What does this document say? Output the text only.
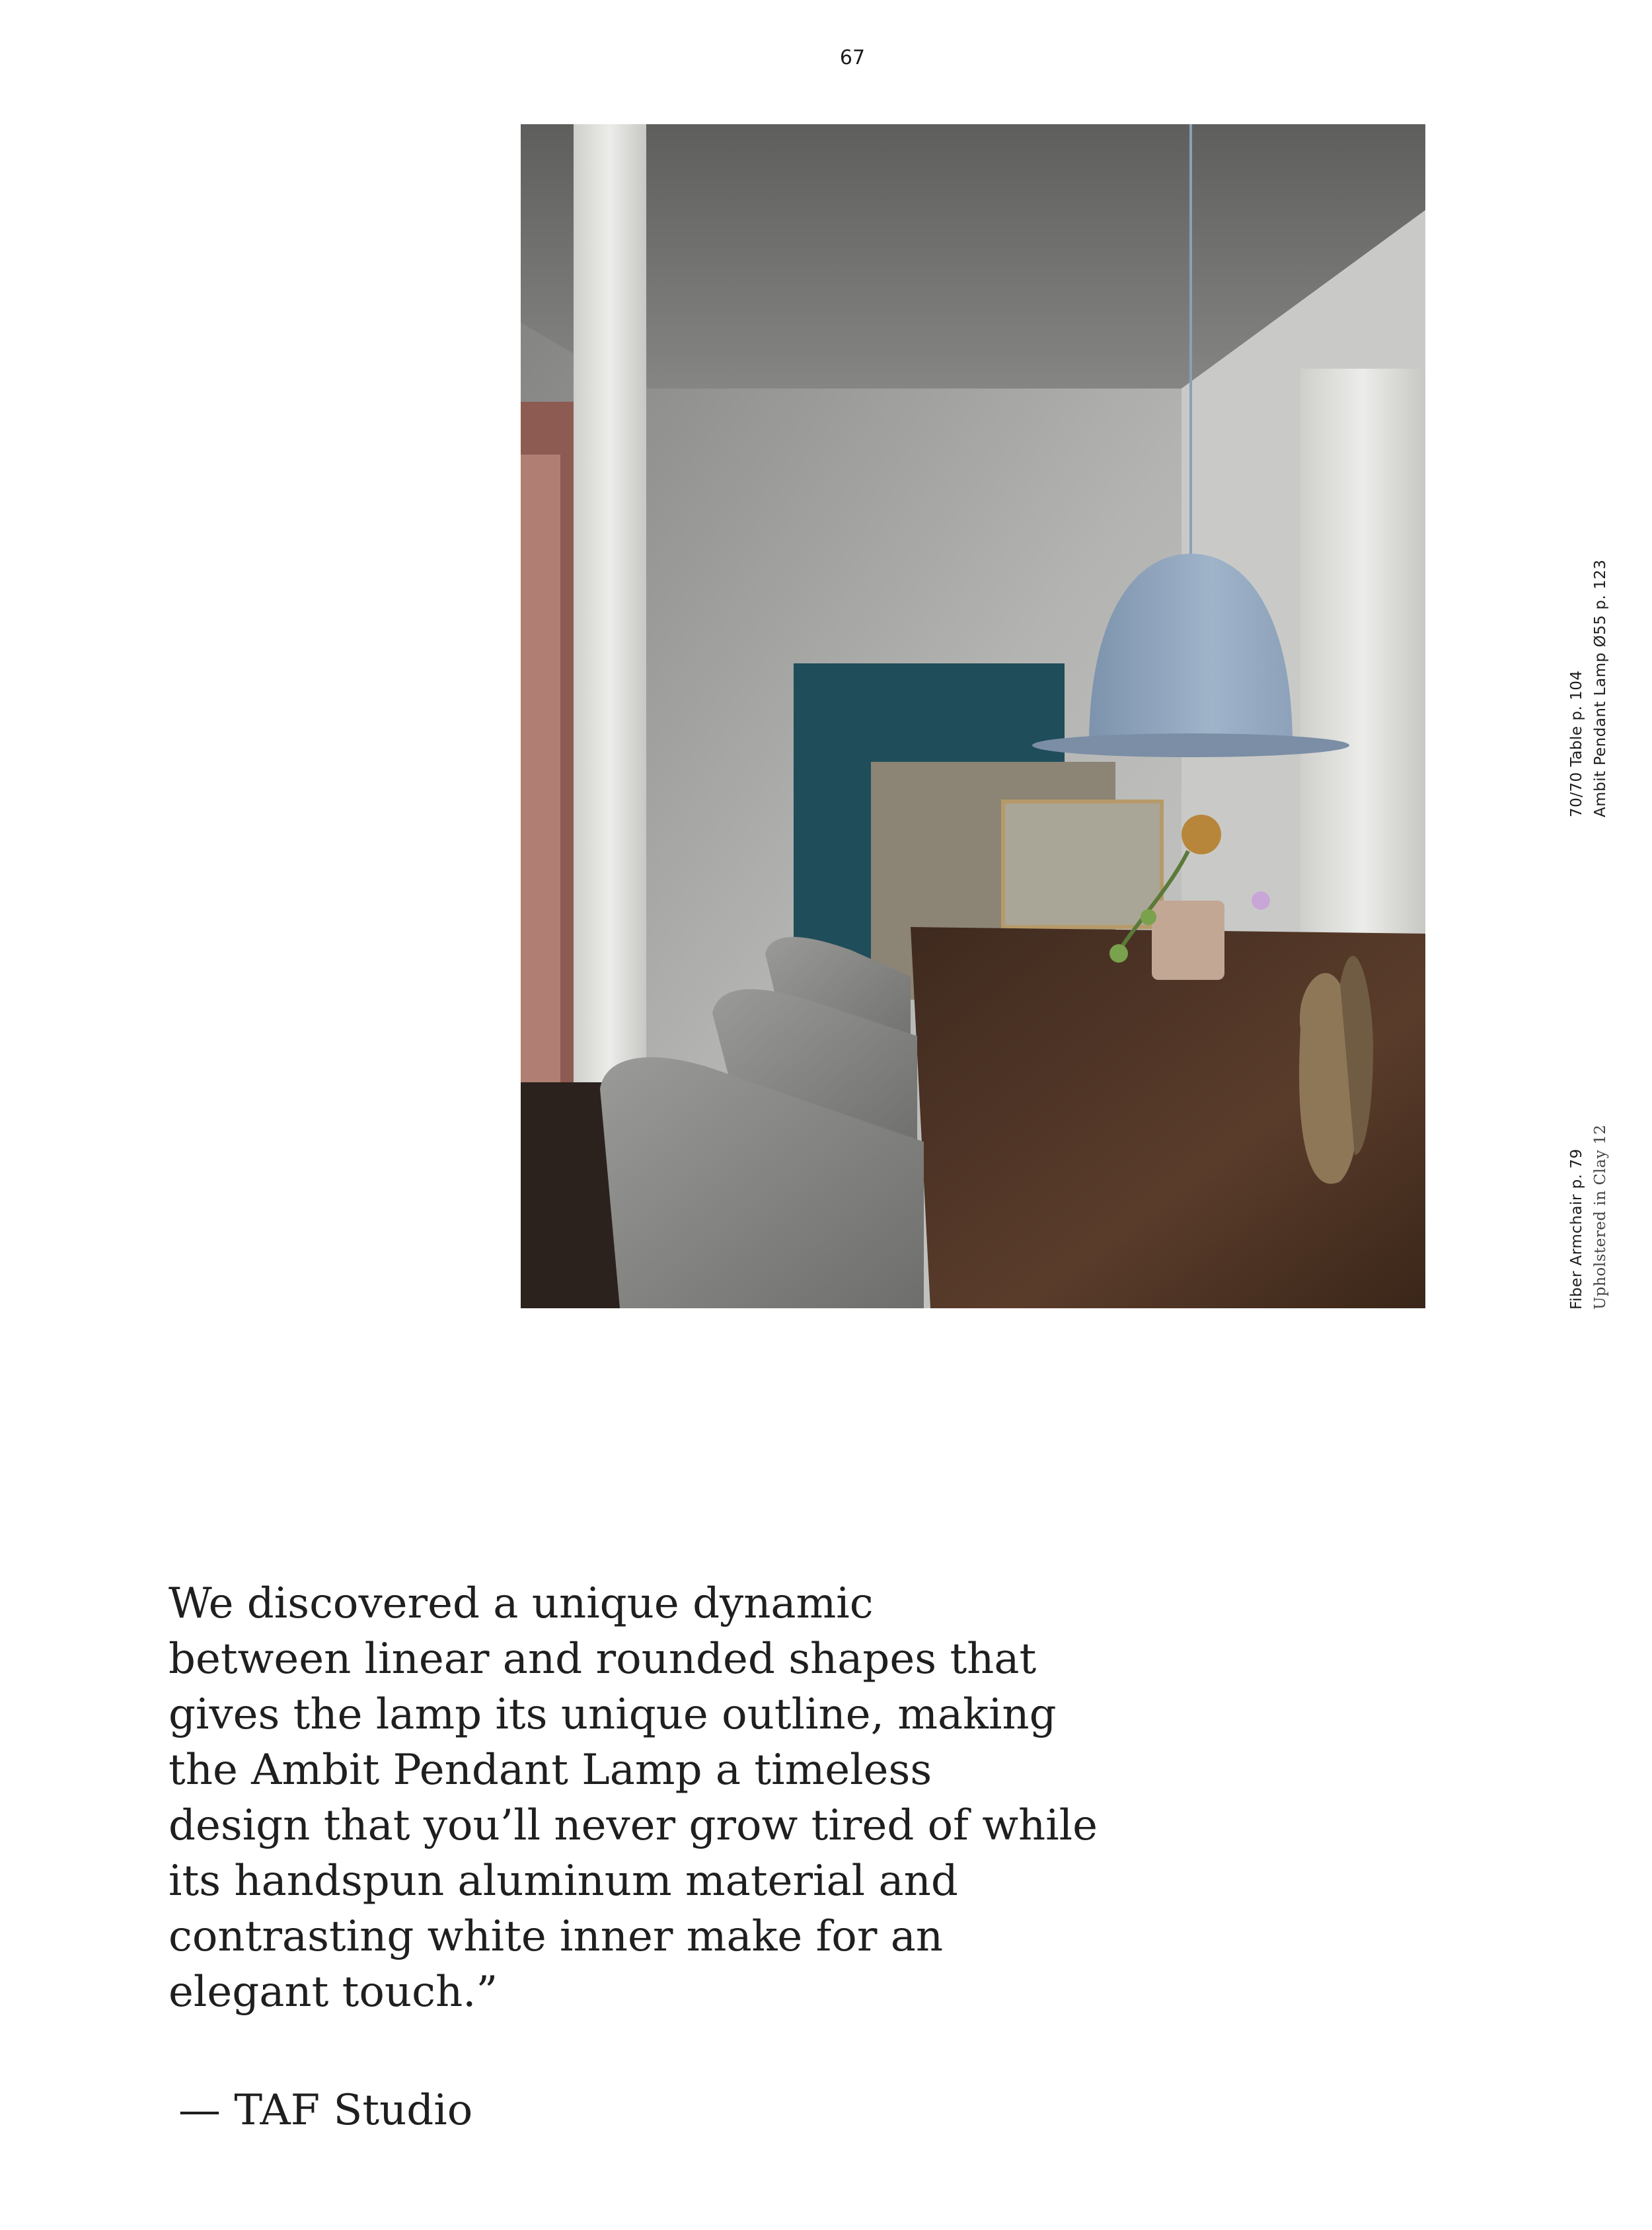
67
70/70 Table p. 104 Ambit Pendant Lamp Ø55 p. 123
Fiber Armchair p. 79 Upholstered in Clay 12

We discovered a unique dynamic
between linear and rounded shapes that
gives the lamp its unique outline, making
the Ambit Pendant Lamp a timeless
design that you’ll never grow tired of while
its handspun aluminum material and
contrasting white inner make for an
elegant touch.”

— TAF Studio
